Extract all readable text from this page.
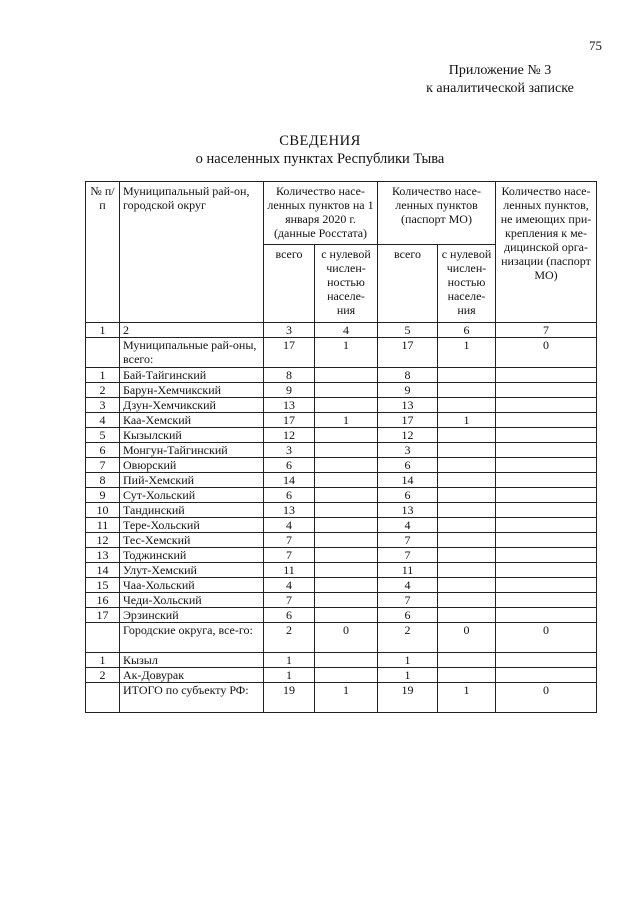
75
Приложение № 3
к аналитической записке
СВЕДЕНИЯ
о населенных пунктах Республики Тыва
№ п/п	Муниципальный рай-он, городской округ	Количество насе-ленных пунктов на 1 января 2020 г. (данные Росстата)		Количество насе-ленных пунктов (паспорт МО)		Количество насе-ленных пунктов, не имеющих при-крепления к ме-дицинской орга-низации (паспорт МО)
		всего	с нулевой числен-ностью населе-ния	всего	с нулевой числен-ностью населе-ния	
1	2	3	4	5	6	7
	Муниципальные рай-оны, всего:	17	1	17	1	0
1	Бай-Тайгинский	8		8		
2	Барун-Хемчикский	9		9		
3	Дзун-Хемчикский	13		13		
4	Каа-Хемский	17	1	17	1	
5	Кызылский	12		12		
6	Монгун-Тайгинский	3		3		
7	Овюрский	6		6		
8	Пий-Хемский	14		14		
9	Сут-Хольский	6		6		
10	Тандинский	13		13		
11	Тере-Хольский	4		4		
12	Тес-Хемский	7		7		
13	Тоджинский	7		7		
14	Улут-Хемский	11		11		
15	Чаа-Хольский	4		4		
16	Чеди-Хольский	7		7		
17	Эрзинский	6		6		
	Городские округа, все-го:	2	0	2	0	0
1	Кызыл	1		1		
2	Ак-Довурак	1		1		
	ИТОГО по субъекту РФ:	19	1	19	1	0
